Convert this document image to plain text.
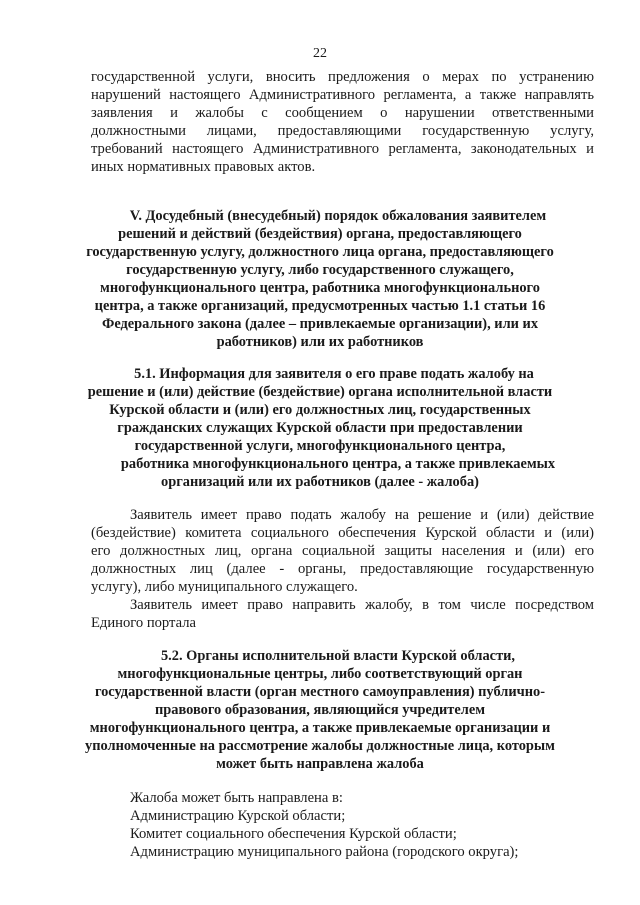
22
государственной услуги, вносить предложения о мерах по устранению
нарушений настоящего Административного регламента, а также направлять
заявления и жалобы с сообщением о нарушении ответственными
должностными лицами, предоставляющими государственную услугу,
требований настоящего Административного регламента, законодательных и
иных нормативных правовых актов.
V. Досудебный (внесудебный) порядок обжалования заявителем
решений и действий (бездействия) органа, предоставляющего
государственную услугу, должностного лица органа, предоставляющего
государственную услугу, либо государственного служащего,
многофункционального центра, работника многофункционального
центра, а также организаций, предусмотренных частью 1.1 статьи 16
Федерального закона (далее – привлекаемые организации), или их
работников) или их работников
5.1. Информация для заявителя о его праве подать жалобу на
решение и (или) действие (бездействие) органа исполнительной власти
Курской области и (или) его должностных лиц, государственных
гражданских служащих Курской области при предоставлении
государственной услуги, многофункционального центра,
работника многофункционального центра, а также привлекаемых
организаций или их работников (далее - жалоба)
Заявитель имеет право подать жалобу на решение и (или) действие
(бездействие) комитета социального обеспечения Курской области и (или)
его должностных лиц, органа социальной защиты населения и (или) его
должностных лиц (далее - органы, предоставляющие государственную
услугу), либо муниципального служащего.
Заявитель имеет право направить жалобу, в том числе посредством
Единого портала
5.2. Органы исполнительной власти Курской области,
многофункциональные центры, либо соответствующий орган
государственной власти (орган местного самоуправления) публично-
правового образования, являющийся учредителем
многофункционального центра, а также привлекаемые организации и
уполномоченные на рассмотрение жалобы должностные лица, которым
может быть направлена жалоба
Жалоба может быть направлена в:
Администрацию Курской области;
Комитет социального обеспечения Курской области;
Администрацию муниципального района (городского округа);
